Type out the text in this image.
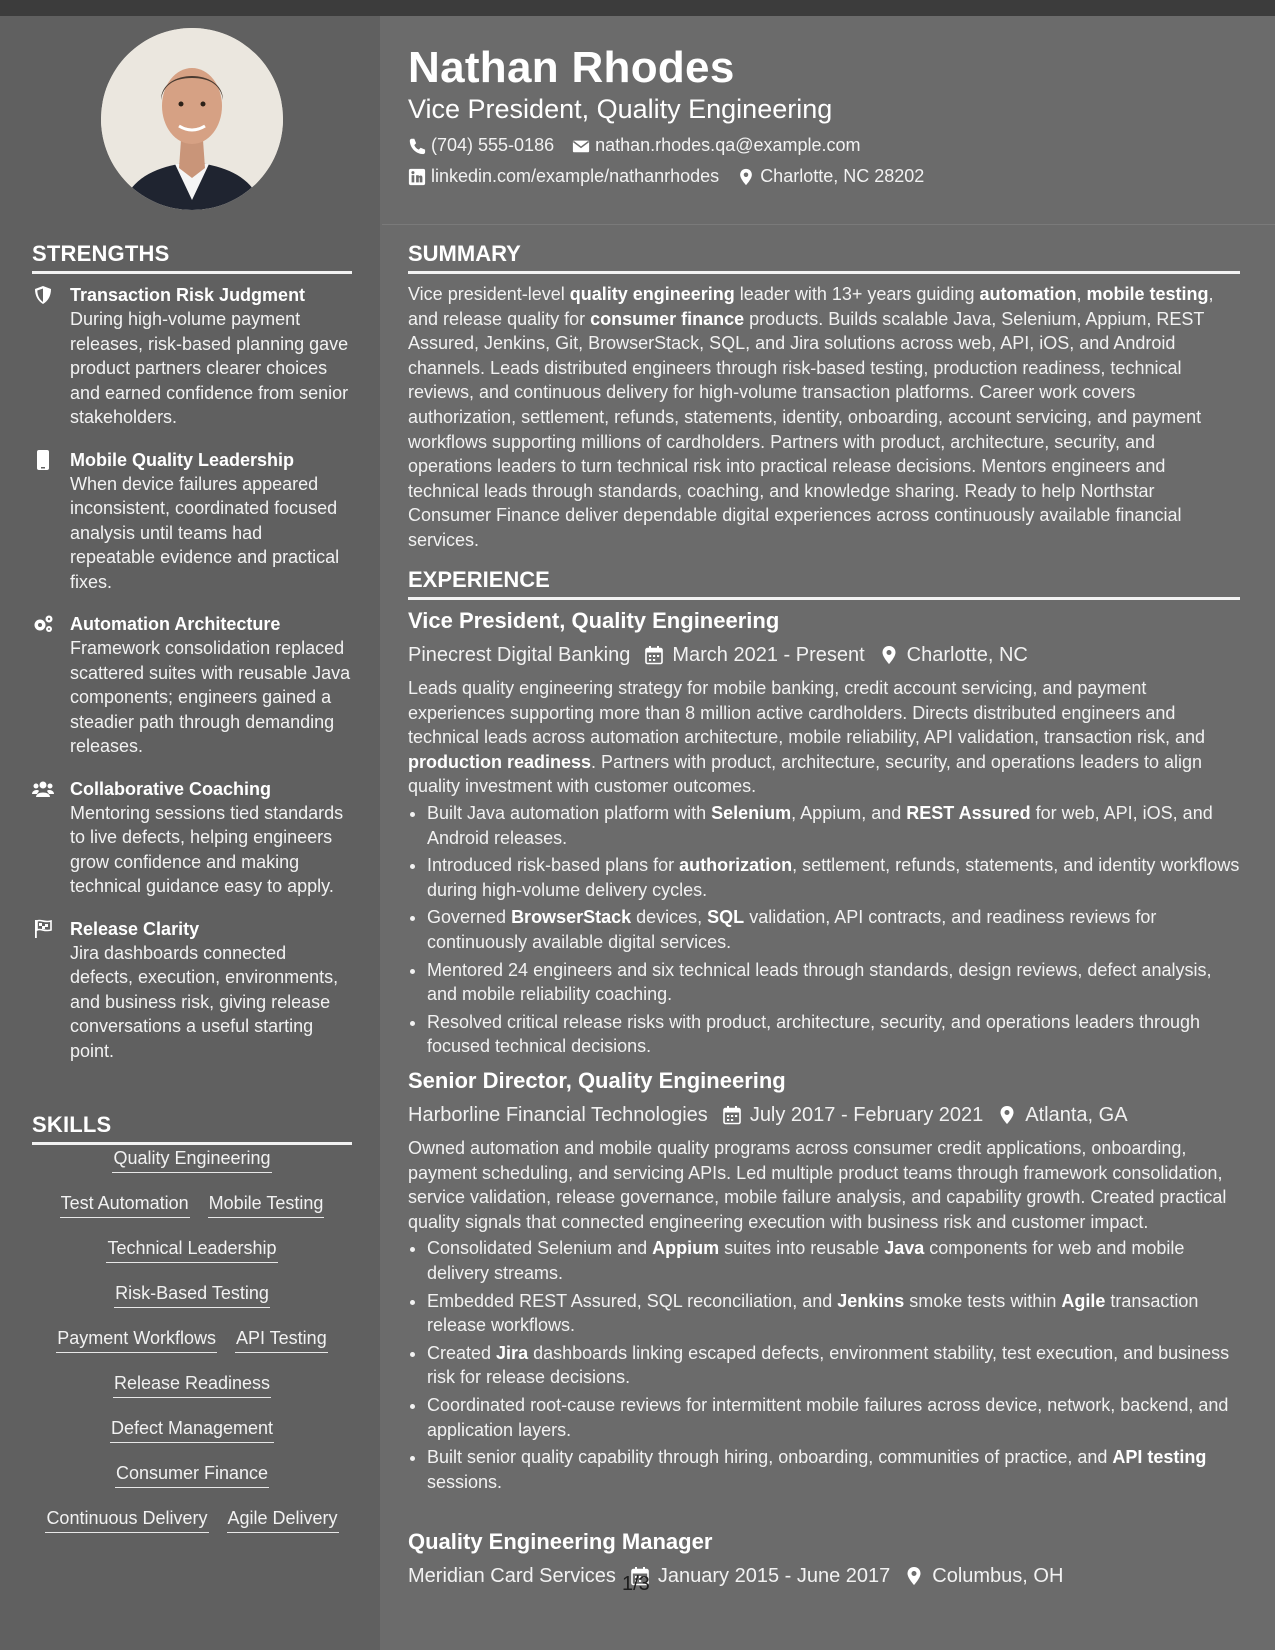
STRENGTHS
Transaction Risk Judgment
During high-volume payment releases, risk-based planning gave product partners clearer choices and earned confidence from senior stakeholders.
Mobile Quality Leadership
When device failures appeared inconsistent, coordinated focused analysis until teams had repeatable evidence and practical fixes.
Automation Architecture
Framework consolidation replaced scattered suites with reusable Java components; engineers gained a steadier path through demanding releases.
Collaborative Coaching
Mentoring sessions tied standards to live defects, helping engineers grow confidence and making technical guidance easy to apply.
Release Clarity
Jira dashboards connected defects, execution, environments, and business risk, giving release conversations a useful starting point.
SKILLS
Quality Engineering
Test Automation Mobile Testing
Technical Leadership
Risk-Based Testing
Payment Workflows API Testing
Release Readiness
Defect Management
Consumer Finance
Continuous Delivery Agile Delivery
Nathan Rhodes
Vice President, Quality Engineering
(704) 555-0186 nathan.rhodes.qa@example.com
linkedin.com/example/nathanrhodes Charlotte, NC 28202
SUMMARY
Vice president-level quality engineering leader with 13+ years guiding automation, mobile testing, and release quality for consumer finance products. Builds scalable Java, Selenium, Appium, REST Assured, Jenkins, Git, BrowserStack, SQL, and Jira solutions across web, API, iOS, and Android channels. Leads distributed engineers through risk-based testing, production readiness, technical reviews, and continuous delivery for high-volume transaction platforms. Career work covers authorization, settlement, refunds, statements, identity, onboarding, account servicing, and payment workflows supporting millions of cardholders. Partners with product, architecture, security, and operations leaders to turn technical risk into practical release decisions. Mentors engineers and technical leads through standards, coaching, and knowledge sharing. Ready to help Northstar Consumer Finance deliver dependable digital experiences across continuously available financial services.
EXPERIENCE
Vice President, Quality Engineering
Pinecrest Digital Banking March 2021 - Present Charlotte, NC
Leads quality engineering strategy for mobile banking, credit account servicing, and payment experiences supporting more than 8 million active cardholders. Directs distributed engineers and technical leads across automation architecture, mobile reliability, API validation, transaction risk, and production readiness. Partners with product, architecture, security, and operations leaders to align quality investment with customer outcomes.
• Built Java automation platform with Selenium, Appium, and REST Assured for web, API, iOS, and Android releases.
• Introduced risk-based plans for authorization, settlement, refunds, statements, and identity workflows during high-volume delivery cycles.
• Governed BrowserStack devices, SQL validation, API contracts, and readiness reviews for continuously available digital services.
• Mentored 24 engineers and six technical leads through standards, design reviews, defect analysis, and mobile reliability coaching.
• Resolved critical release risks with product, architecture, security, and operations leaders through focused technical decisions.
Senior Director, Quality Engineering
Harborline Financial Technologies July 2017 - February 2021 Atlanta, GA
Owned automation and mobile quality programs across consumer credit applications, onboarding, payment scheduling, and servicing APIs. Led multiple product teams through framework consolidation, service validation, release governance, mobile failure analysis, and capability growth. Created practical quality signals that connected engineering execution with business risk and customer impact.
• Consolidated Selenium and Appium suites into reusable Java components for web and mobile delivery streams.
• Embedded REST Assured, SQL reconciliation, and Jenkins smoke tests within Agile transaction release workflows.
• Created Jira dashboards linking escaped defects, environment stability, test execution, and business risk for release decisions.
• Coordinated root-cause reviews for intermittent mobile failures across device, network, backend, and application layers.
• Built senior quality capability through hiring, onboarding, communities of practice, and API testing sessions.
Quality Engineering Manager
Meridian Card Services January 2015 - June 2017 Columbus, OH
1/3
